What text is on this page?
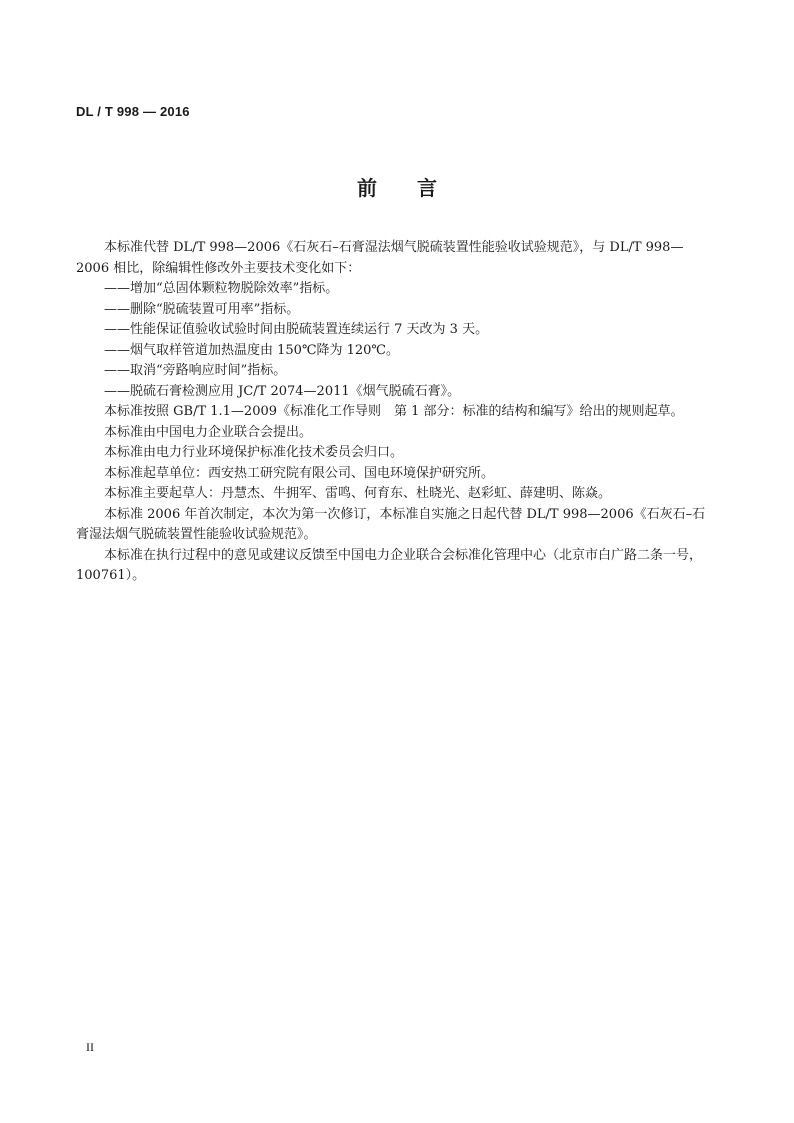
DL / T 998 — 2016
前言

本标准代替 DL/T 998—2006《石灰石–石膏湿法烟气脱硫装置性能验收试验规范》，与 DL/T 998—2006 相比，除编辑性修改外主要技术变化如下：

——增加“总固体颗粒物脱除效率”指标。

——删除“脱硫装置可用率”指标。

——性能保证值验收试验时间由脱硫装置连续运行 7 天改为 3 天。

——烟气取样管道加热温度由 150℃降为 120℃。

——取消“旁路响应时间”指标。

——脱硫石膏检测应用 JC/T 2074—2011《烟气脱硫石膏》。

本标准按照 GB/T 1.1—2009《标准化工作导则　第 1 部分：标准的结构和编写》给出的规则起草。

本标准由中国电力企业联合会提出。

本标准由电力行业环境保护标准化技术委员会归口。

本标准起草单位：西安热工研究院有限公司、国电环境保护研究所。

本标准主要起草人：丹慧杰、牛拥军、雷鸣、何育东、杜晓光、赵彩虹、薛建明、陈焱。

本标准 2006 年首次制定，本次为第一次修订，本标准自实施之日起代替 DL/T 998—2006《石灰石–石膏湿法烟气脱硫装置性能验收试验规范》。

本标准在执行过程中的意见或建议反馈至中国电力企业联合会标准化管理中心（北京市白广路二条一号，100761）。

II
